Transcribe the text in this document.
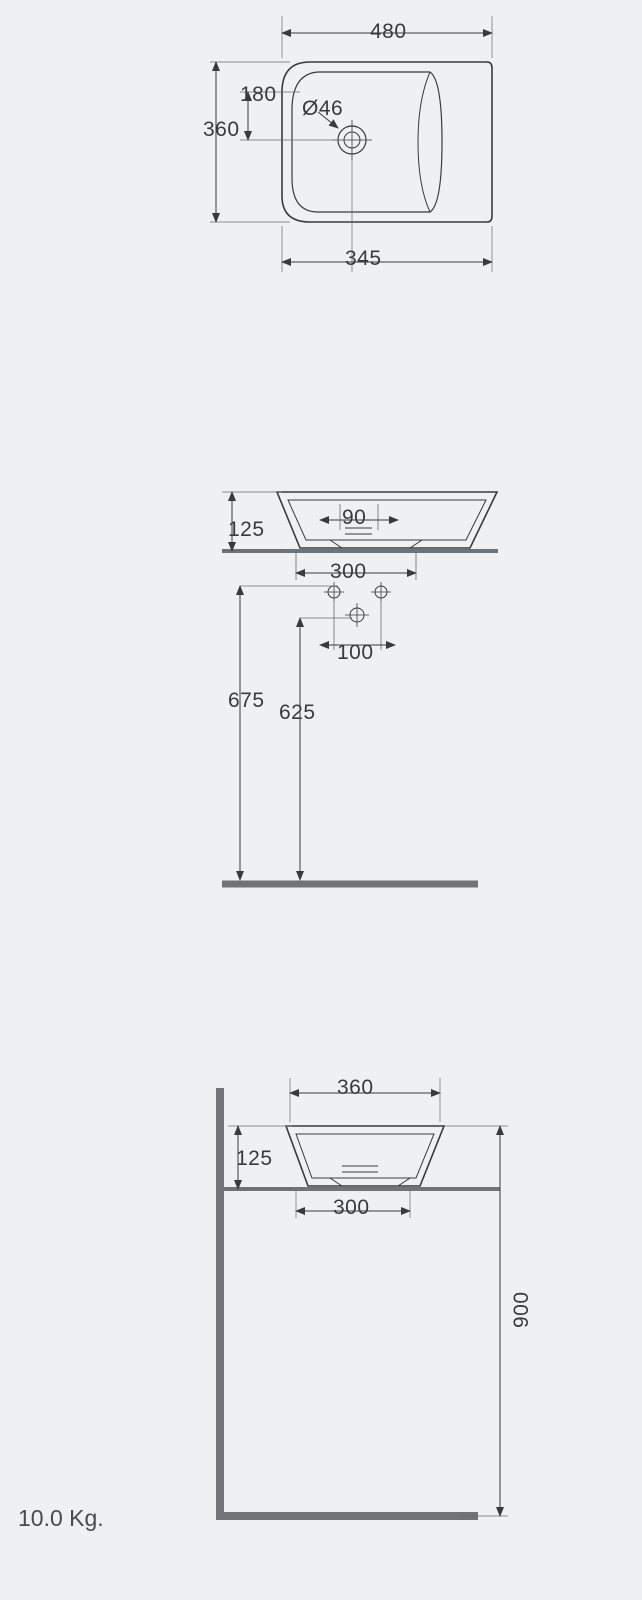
480
360
180
Ø46
345
125
90
300
100
675
625
360
125
300
900
10.0 Kg.
